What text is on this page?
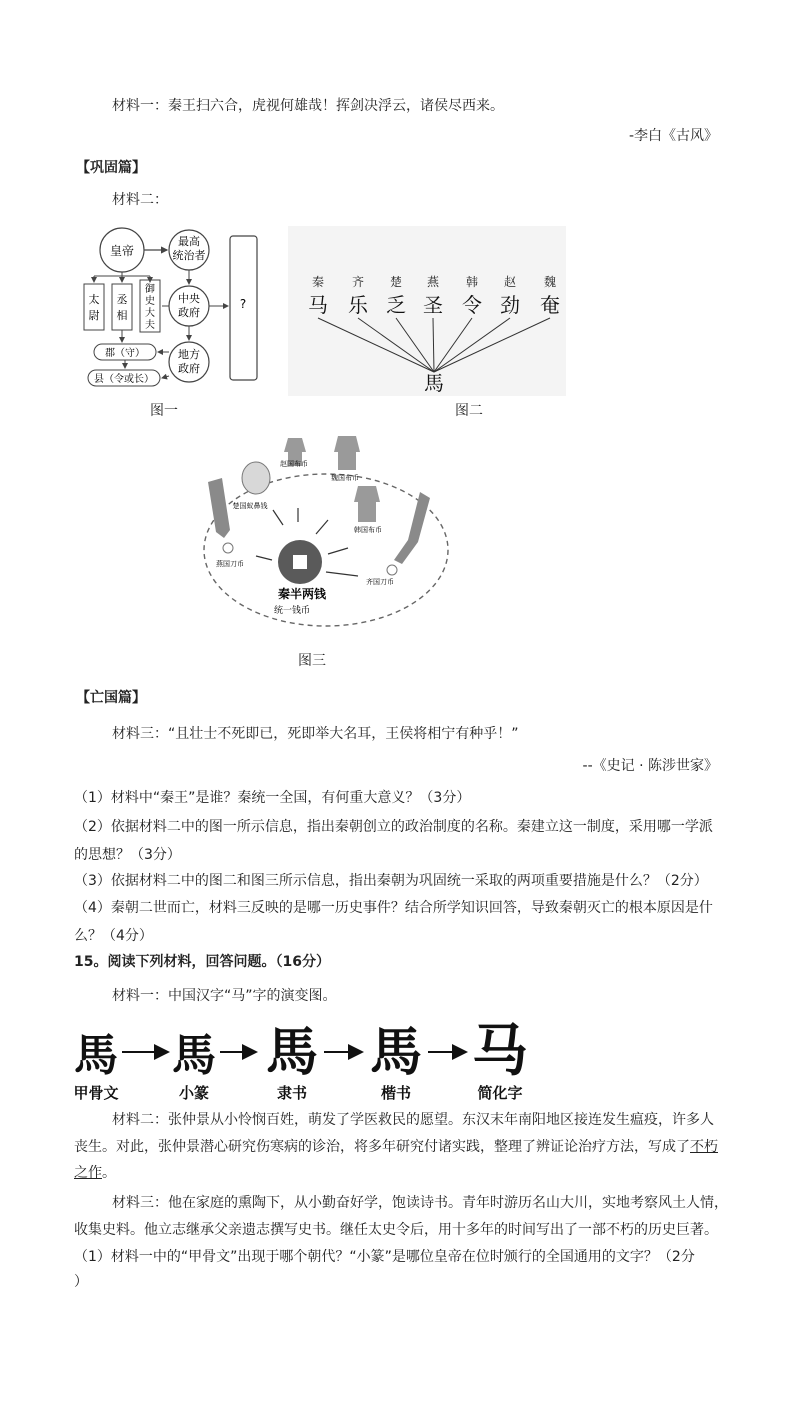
材料一：秦王扫六合，虎视何雄哉！挥剑决浮云，诸侯尽西来。
-李白《古风》
【巩固篇】
材料二：
皇帝
最高
统治者
太
尉
丞
相
御
史
大
夫
中央
政府
郡（守）	地方
政府
县（令或长）
?
图一
秦 齐 楚 燕 韩 赵 魏
马 乐 乏 圣 令 劲 奄
馬
图二
赵国布币
魏国布币
韩国布币
楚国蚁鼻钱
燕国刀币
齐国刀币
秦半两钱
统一钱币
图三
【亡国篇】
材料三：“且壮士不死即已，死即举大名耳，王侯将相宁有种乎！”
--《史记 · 陈涉世家》
（1）材料中“秦王”是谁？秦统一全国，有何重大意义？（3分）
（2）依据材料二中的图一所示信息，指出秦朝创立的政治制度的名称。秦建立这一制度，采用哪一学派
的思想？（3分）
（3）依据材料二中的图二和图三所示信息，指出秦朝为巩固统一采取的两项重要措施是什么？（2分）
（4）秦朝二世而亡，材料三反映的是哪一历史事件？结合所学知识回答，导致秦朝灭亡的根本原因是什
么？（4分）
15。阅读下列材料，回答问题。（16分）
材料一：中国汉字“马”字的演变图。
馬 馬 馬 馬 马
甲骨文	小篆	隶书	楷书	简化字
材料二：张仲景从小怜悯百姓，萌发了学医救民的愿望。东汉末年南阳地区接连发生瘟疫，许多人
丧生。对此，张仲景潜心研究伤寒病的诊治，将多年研究付诸实践，整理了辨证论治疗方法，写成了不朽
之作。
材料三：他在家庭的熏陶下，从小勤奋好学，饱读诗书。青年时游历名山大川，实地考察风土人情，
收集史料。他立志继承父亲遗志撰写史书。继任太史令后，用十多年的时间写出了一部不朽的历史巨著。
（1）材料一中的“甲骨文”出现于哪个朝代？“小篆”是哪位皇帝在位时颁行的全国通用的文字？（2分
）
